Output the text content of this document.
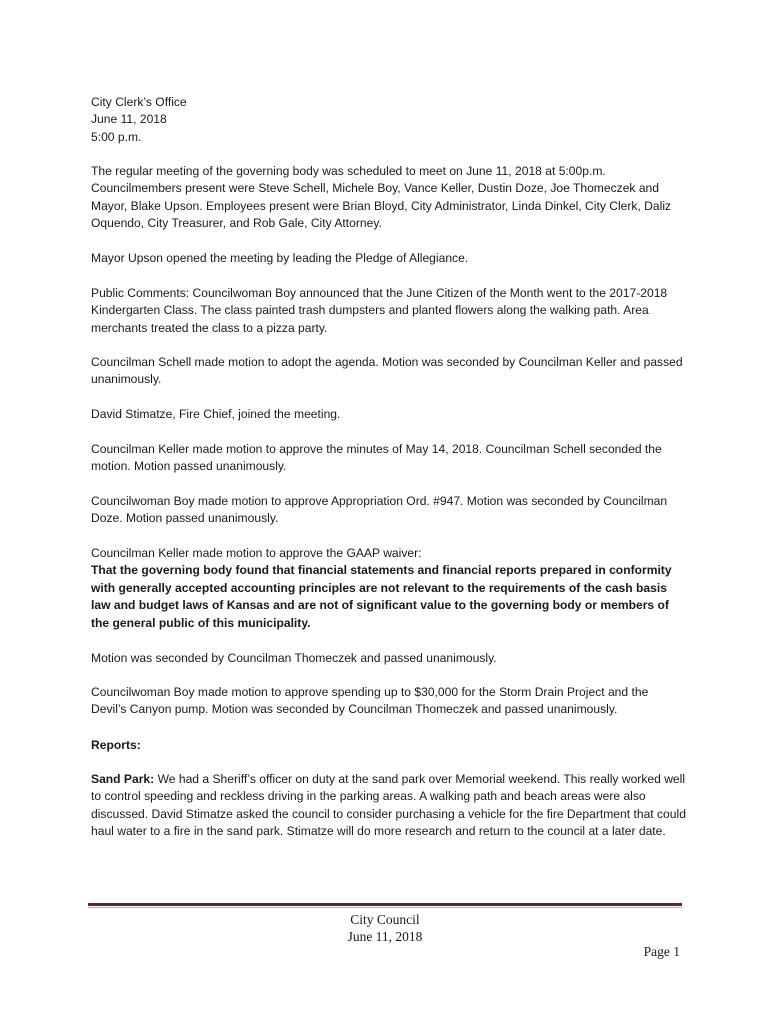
City Clerk’s Office
June 11, 2018
5:00 p.m.

The regular meeting of the governing body was scheduled to meet on June 11, 2018 at 5:00p.m. Councilmembers present were Steve Schell, Michele Boy, Vance Keller, Dustin Doze, Joe Thomeczek and Mayor, Blake Upson. Employees present were Brian Bloyd, City Administrator, Linda Dinkel, City Clerk, Daliz Oquendo, City Treasurer, and Rob Gale, City Attorney.

Mayor Upson opened the meeting by leading the Pledge of Allegiance.

Public Comments: Councilwoman Boy announced that the June Citizen of the Month went to the 2017-2018 Kindergarten Class. The class painted trash dumpsters and planted flowers along the walking path. Area merchants treated the class to a pizza party.

Councilman Schell made motion to adopt the agenda. Motion was seconded by Councilman Keller and passed unanimously.

David Stimatze, Fire Chief, joined the meeting.

Councilman Keller made motion to approve the minutes of May 14, 2018. Councilman Schell seconded the motion. Motion passed unanimously.

Councilwoman Boy made motion to approve Appropriation Ord. #947. Motion was seconded by Councilman Doze. Motion passed unanimously.

Councilman Keller made motion to approve the GAAP waiver:
That the governing body found that financial statements and financial reports prepared in conformity with generally accepted accounting principles are not relevant to the requirements of the cash basis law and budget laws of Kansas and are not of significant value to the governing body or members of the general public of this municipality.

Motion was seconded by Councilman Thomeczek and passed unanimously.

Councilwoman Boy made motion to approve spending up to $30,000 for the Storm Drain Project and the Devil’s Canyon pump. Motion was seconded by Councilman Thomeczek and passed unanimously.

Reports:

Sand Park: We had a Sheriff’s officer on duty at the sand park over Memorial weekend. This really worked well to control speeding and reckless driving in the parking areas. A walking path and beach areas were also discussed. David Stimatze asked the council to consider purchasing a vehicle for the fire Department that could haul water to a fire in the sand park. Stimatze will do more research and return to the council at a later date.

City Council
June 11, 2018
Page 1
